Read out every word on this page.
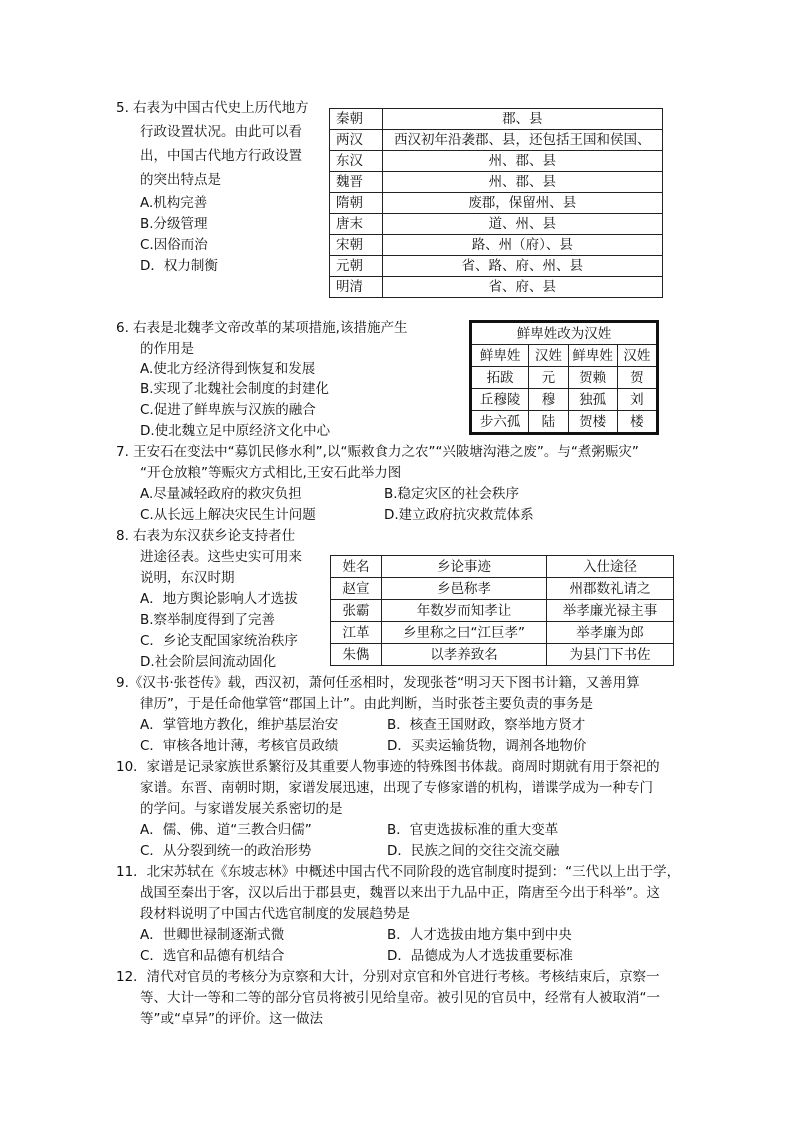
5. 右表为中国古代史上历代地方
行政设置状况。由此可以看
出，中国古代地方行政设置
的突出特点是
A.机构完善
B.分级管理
C.因俗而治
D．权力制衡
秦朝	郡、县
两汉	西汉初年沿袭郡、县，还包括王国和侯国、
东汉	州、郡、县
魏晋	州、郡、县
隋朝	废郡，保留州、县
唐末	道、州、县
宋朝	路、州（府）、县
元朝	省、路、府、州、县
明清	省、府、县
6. 右表是北魏孝文帝改革的某项措施,该措施产生
的作用是
A.使北方经济得到恢复和发展
B.实现了北魏社会制度的封建化
C.促进了鲜卑族与汉族的融合
D.使北魏立足中原经济文化中心
鲜卑姓改为汉姓			
鲜卑姓	汉姓	鲜卑姓	汉姓
拓跋	元	贺赖	贺
丘穆陵	穆	独孤	刘
步六孤	陆	贺楼	楼
7. 王安石在变法中“募饥民修水利”,以“赈救食力之农”“兴陂塘沟港之废”。与“煮粥赈灾”
“开仓放粮”等赈灾方式相比,王安石此举力图
A.尽量减轻政府的救灾负担	B.稳定灾区的社会秩序
C.从长远上解决灾民生计问题	D.建立政府抗灾救荒体系
8. 右表为东汉获乡论支持者仕
进途径表。这些史实可用来
说明，东汉时期
A．地方舆论影响人才选拔
B.察举制度得到了完善
C．乡论支配国家统治秩序
D.社会阶层间流动固化
姓名	乡论事迹	入仕途径
赵宣	乡邑称孝	州郡数礼请之
张霸	年数岁而知孝让	举孝廉光禄主事
江革	乡里称之曰“江巨孝”	举孝廉为郎
朱儁	以孝养致名	为县门下书佐
9.《汉书·张苍传》载，西汉初，萧何任丞相时，发现张苍“明习天下图书计籍，又善用算
律历”，于是任命他掌管“郡国上计”。由此判断，当时张苍主要负责的事务是
A．掌管地方教化，维护基层治安	B．核查王国财政，察举地方贤才
C．审核各地计薄，考核官员政绩	D．买卖运输货物，调剂各地物价
10．家谱是记录家族世系繁衍及其重要人物事迹的特殊图书体裁。商周时期就有用于祭祀的
家谱。东晋、南朝时期，家谱发展迅速，出现了专修家谱的机构，谱谍学成为一种专门
的学问。与家谱发展关系密切的是
A．儒、佛、道“三教合归儒”	B．官吏选拔标准的重大变革
C．从分裂到统一的政治形势	D．民族之间的交往交流交融
11．北宋苏轼在《东坡志林》中概述中国古代不同阶段的选官制度时提到：“三代以上出于学，
战国至秦出于客，汉以后出于郡县吏，魏晋以来出于九品中正，隋唐至今出于科举”。这
段材料说明了中国古代选官制度的发展趋势是
A．世卿世禄制逐渐式微	B．人才选拔由地方集中到中央
C．选官和品德有机结合	D．品德成为人才选拔重要标准
12．清代对官员的考核分为京察和大计，分别对京官和外官进行考核。考核结束后，京察一
等、大计一等和二等的部分官员将被引见给皇帝。被引见的官员中，经常有人被取消“一
等”或“卓异”的评价。这一做法
